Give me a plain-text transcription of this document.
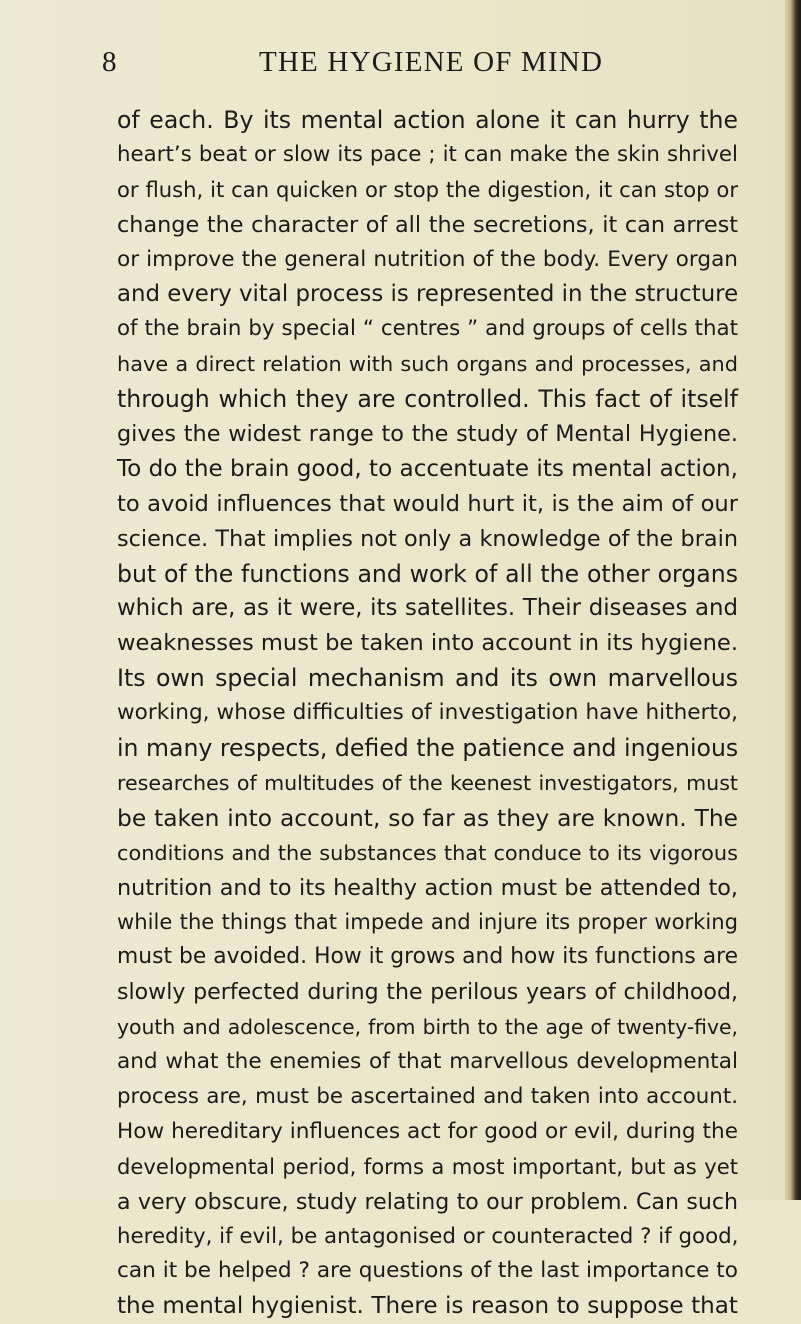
8	THE HYGIENE OF MIND
of each. By its mental action alone it can hurry the
heart’s beat or slow its pace ; it can make the skin shrivel
or flush, it can quicken or stop the digestion, it can stop or
change the character of all the secretions, it can arrest
or improve the general nutrition of the body. Every organ
and every vital process is represented in the structure
of the brain by special “ centres ” and groups of cells that
have a direct relation with such organs and processes, and
through which they are controlled. This fact of itself
gives the widest range to the study of Mental Hygiene.
To do the brain good, to accentuate its mental action,
to avoid influences that would hurt it, is the aim of our
science. That implies not only a knowledge of the brain
but of the functions and work of all the other organs
which are, as it were, its satellites. Their diseases and
weaknesses must be taken into account in its hygiene.
Its own special mechanism and its own marvellous
working, whose difficulties of investigation have hitherto,
in many respects, defied the patience and ingenious
researches of multitudes of the keenest investigators, must
be taken into account, so far as they are known. The
conditions and the substances that conduce to its vigorous
nutrition and to its healthy action must be attended to,
while the things that impede and injure its proper working
must be avoided. How it grows and how its functions are
slowly perfected during the perilous years of childhood,
youth and adolescence, from birth to the age of twenty-five,
and what the enemies of that marvellous developmental
process are, must be ascertained and taken into account.
How hereditary influences act for good or evil, during the
developmental period, forms a most important, but as yet
a very obscure, study relating to our problem. Can such
heredity, if evil, be antagonised or counteracted ? if good,
can it be helped ? are questions of the last importance to
the mental hygienist. There is reason to suppose that
